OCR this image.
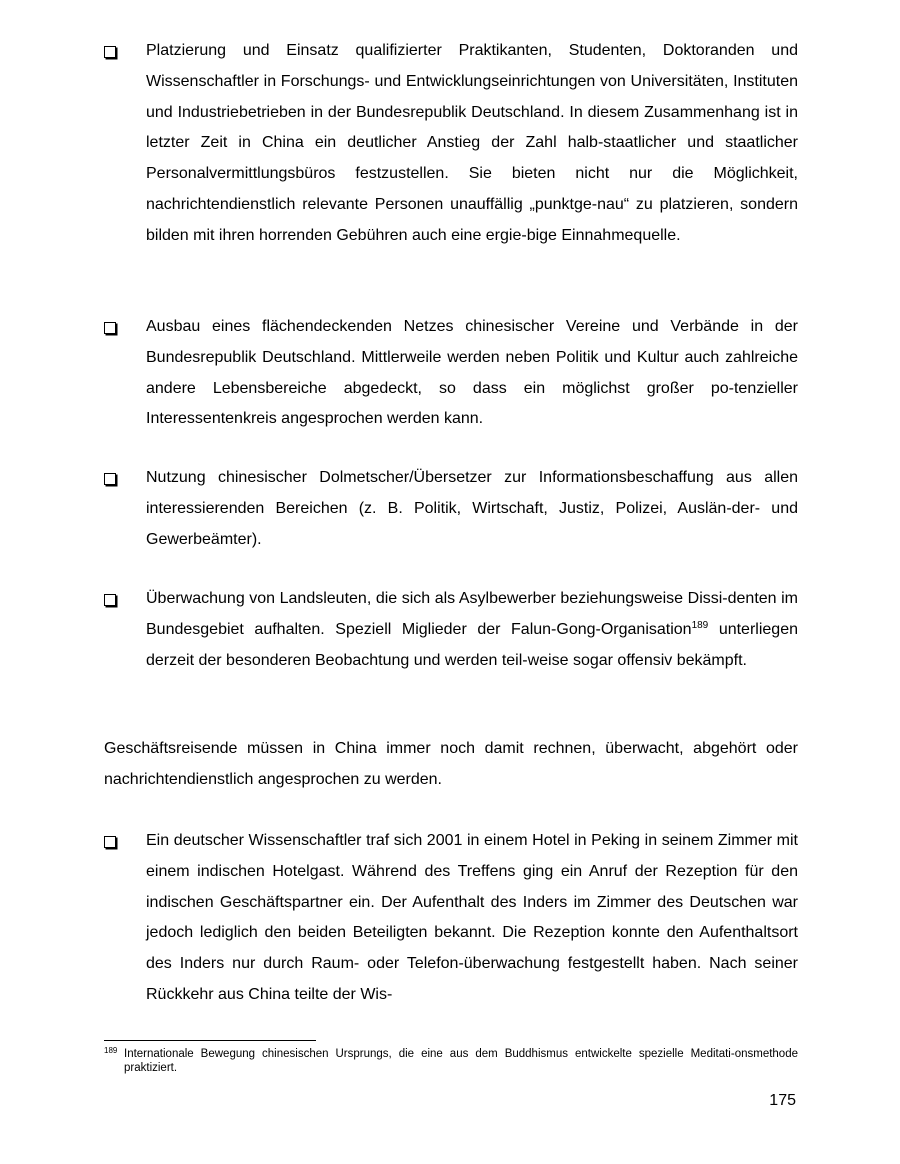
Platzierung und Einsatz qualifizierter Praktikanten, Studenten, Doktoranden und Wissenschaftler in Forschungs- und Entwicklungseinrichtungen von Universitäten, Instituten und Industriebetrieben in der Bundesrepublik Deutschland. In diesem Zusammenhang ist in letzter Zeit in China ein deutlicher Anstieg der Zahl halb-staatlicher und staatlicher Personalvermittlungsbüros festzustellen. Sie bieten nicht nur die Möglichkeit, nachrichtendienstlich relevante Personen unauffällig „punktge-nau“ zu platzieren, sondern bilden mit ihren horrenden Gebühren auch eine ergie-bige Einnahmequelle.

Ausbau eines flächendeckenden Netzes chinesischer Vereine und Verbände in der Bundesrepublik Deutschland. Mittlerweile werden neben Politik und Kultur auch zahlreiche andere Lebensbereiche abgedeckt, so dass ein möglichst großer po-tenzieller Interessentenkreis angesprochen werden kann.

Nutzung chinesischer Dolmetscher/Übersetzer zur Informationsbeschaffung aus allen interessierenden Bereichen (z. B. Politik, Wirtschaft, Justiz, Polizei, Auslän-der- und Gewerbeämter).

Überwachung von Landsleuten, die sich als Asylbewerber beziehungsweise Dissi-denten im Bundesgebiet aufhalten. Speziell Miglieder der Falun-Gong-Organisation$^{189}$ unterliegen derzeit der besonderen Beobachtung und werden teil-weise sogar offensiv bekämpft.

Geschäftsreisende müssen in China immer noch damit rechnen, überwacht, abgehört oder nachrichtendienstlich angesprochen zu werden.

Ein deutscher Wissenschaftler traf sich 2001 in einem Hotel in Peking in seinem Zimmer mit einem indischen Hotelgast. Während des Treffens ging ein Anruf der Rezeption für den indischen Geschäftspartner ein. Der Aufenthalt des Inders im Zimmer des Deutschen war jedoch lediglich den beiden Beteiligten bekannt. Die Rezeption konnte den Aufenthaltsort des Inders nur durch Raum- oder Telefon-überwachung festgestellt haben. Nach seiner Rückkehr aus China teilte der Wis-

189 Internationale Bewegung chinesischen Ursprungs, die eine aus dem Buddhismus entwickelte spezielle Meditati-onsmethode praktiziert.
175
